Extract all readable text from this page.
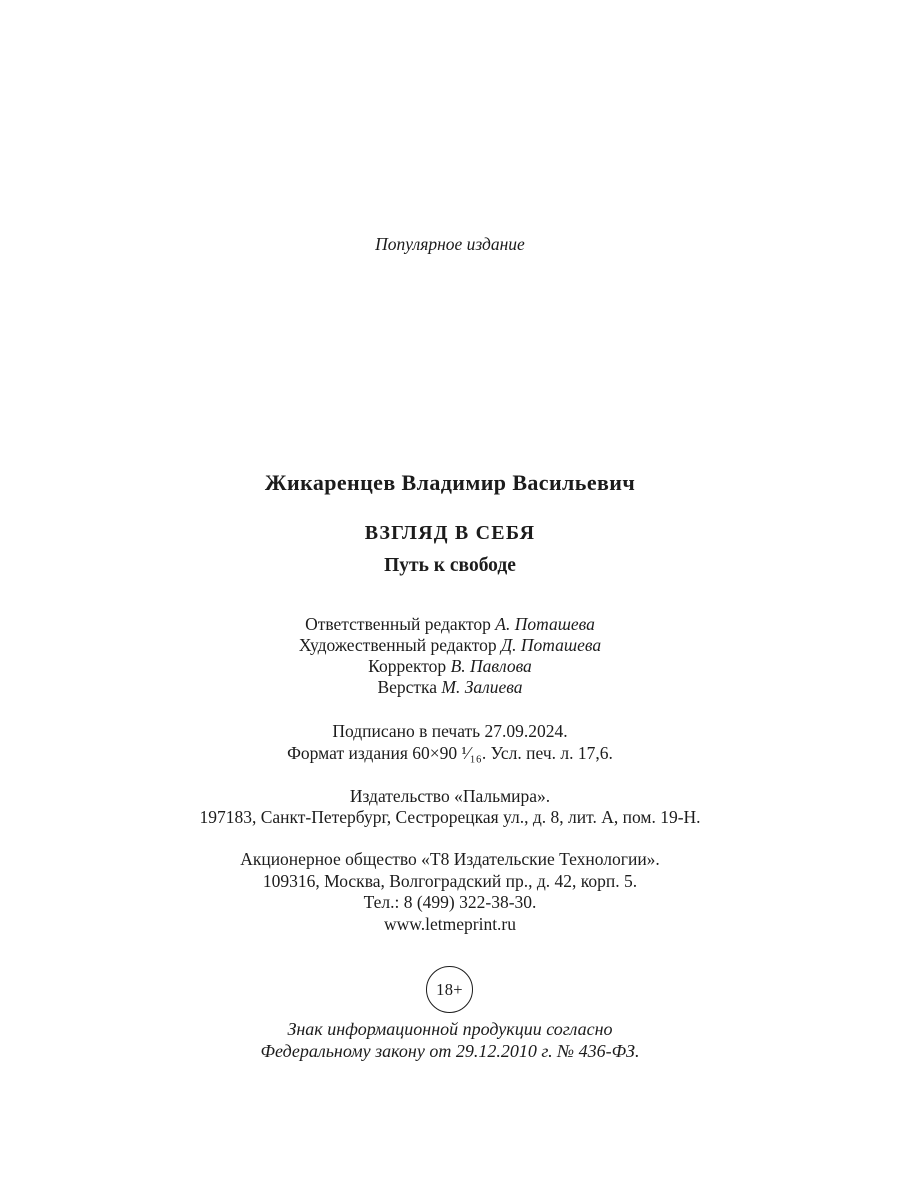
Популярное издание
Жикаренцев Владимир Васильевич
ВЗГЛЯД В СЕБЯ
Путь к свободе
Ответственный редактор А. Поташева
Художественный редактор Д. Поташева
Корректор В. Павлова
Верстка М. Залиева
Подписано в печать 27.09.2024.
Формат издания 60×90 ¹⁄₁₆. Усл. печ. л. 17,6.
Издательство «Пальмира».
197183, Санкт-Петербург, Сестрорецкая ул., д. 8, лит. А, пом. 19-Н.
Акционерное общество «Т8 Издательские Технологии».
109316, Москва, Волгоградский пр., д. 42, корп. 5.
Тел.: 8 (499) 322-38-30.
www.letmeprint.ru
18+
Знак информационной продукции согласно
Федеральному закону от 29.12.2010 г. № 436-ФЗ.
